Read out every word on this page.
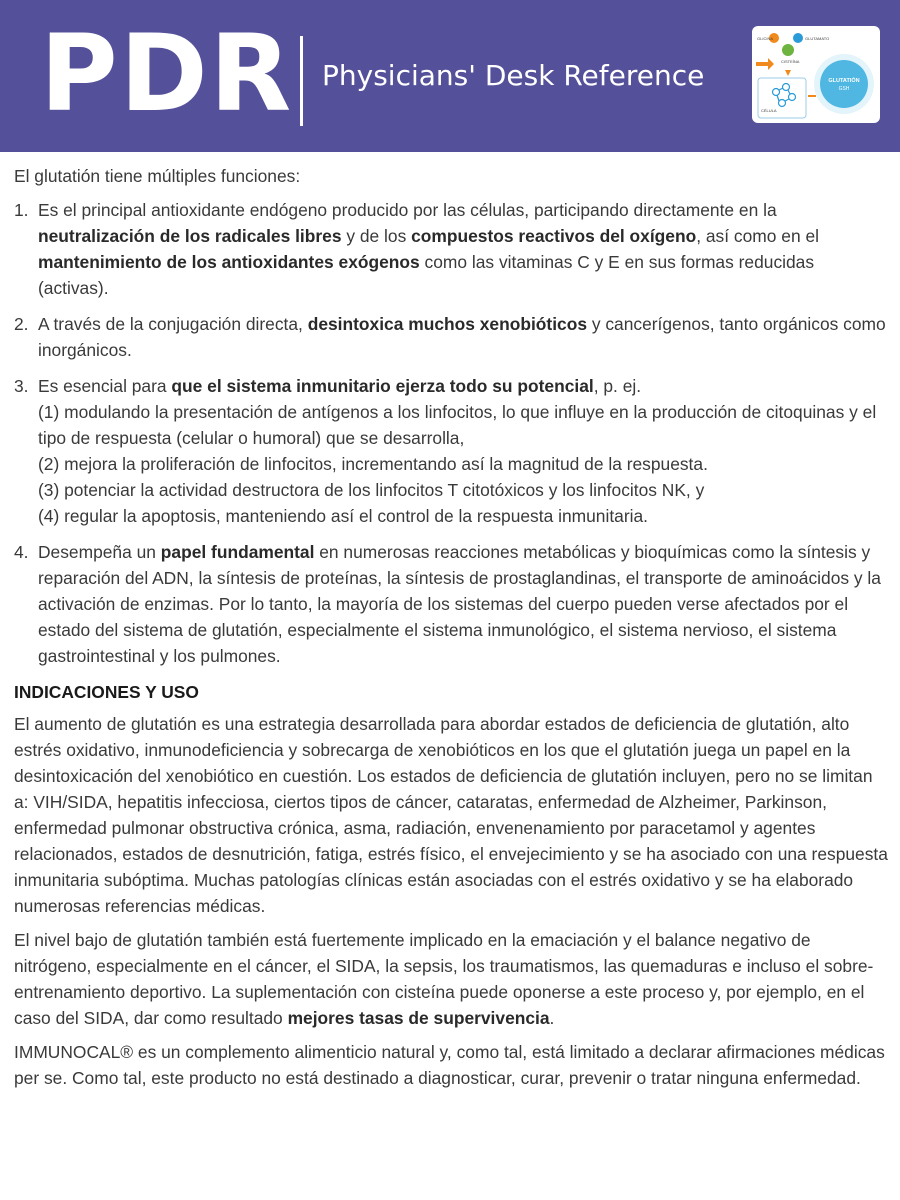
PDR Physicians' Desk Reference
GLICINA	GLUTAMATO
CISTEÍNA
CÉLULA
GLUTATIÓN
GSH

El glutatión tiene múltiples funciones:

1. Es el principal antioxidante endógeno producido por las células, participando directamente en la neutralización de los radicales libres y de los compuestos reactivos del oxígeno, así como en el mantenimiento de los antioxidantes exógenos como las vitaminas C y E en sus formas reducidas (activas).
2. A través de la conjugación directa, desintoxica muchos xenobióticos y cancerígenos, tanto orgánicos como inorgánicos.
3. Es esencial para que el sistema inmunitario ejerza todo su potencial, p. ej.
(1) modulando la presentación de antígenos a los linfocitos, lo que influye en la producción de citoquinas y el tipo de respuesta (celular o humoral) que se desarrolla,
(2) mejora la proliferación de linfocitos, incrementando así la magnitud de la respuesta.
(3) potenciar la actividad destructora de los linfocitos T citotóxicos y los linfocitos NK, y
(4) regular la apoptosis, manteniendo así el control de la respuesta inmunitaria.
4. Desempeña un papel fundamental en numerosas reacciones metabólicas y bioquímicas como la síntesis y reparación del ADN, la síntesis de proteínas, la síntesis de prostaglandinas, el transporte de aminoácidos y la activación de enzimas. Por lo tanto, la mayoría de los sistemas del cuerpo pueden verse afectados por el estado del sistema de glutatión, especialmente el sistema inmunológico, el sistema nervioso, el sistema gastrointestinal y los pulmones.

INDICACIONES Y USO

El aumento de glutatión es una estrategia desarrollada para abordar estados de deficiencia de glutatión, alto estrés oxidativo, inmunodeficiencia y sobrecarga de xenobióticos en los que el glutatión juega un papel en la desintoxicación del xenobiótico en cuestión. Los estados de deficiencia de glutatión incluyen, pero no se limitan a: VIH/SIDA, hepatitis infecciosa, ciertos tipos de cáncer, cataratas, enfermedad de Alzheimer, Parkinson, enfermedad pulmonar obstructiva crónica, asma, radiación, envenenamiento por paracetamol y agentes relacionados, estados de desnutrición, fatiga, estrés físico, el envejecimiento y se ha asociado con una respuesta inmunitaria subóptima. Muchas patologías clínicas están asociadas con el estrés oxidativo y se ha elaborado numerosas referencias médicas.

El nivel bajo de glutatión también está fuertemente implicado en la emaciación y el balance negativo de nitrógeno, especialmente en el cáncer, el SIDA, la sepsis, los traumatismos, las quemaduras e incluso el sobre-entrenamiento deportivo. La suplementación con cisteína puede oponerse a este proceso y, por ejemplo, en el caso del SIDA, dar como resultado mejores tasas de supervivencia.

IMMUNOCAL® es un complemento alimenticio natural y, como tal, está limitado a declarar afirmaciones médicas per se. Como tal, este producto no está destinado a diagnosticar, curar, prevenir o tratar ninguna enfermedad.
